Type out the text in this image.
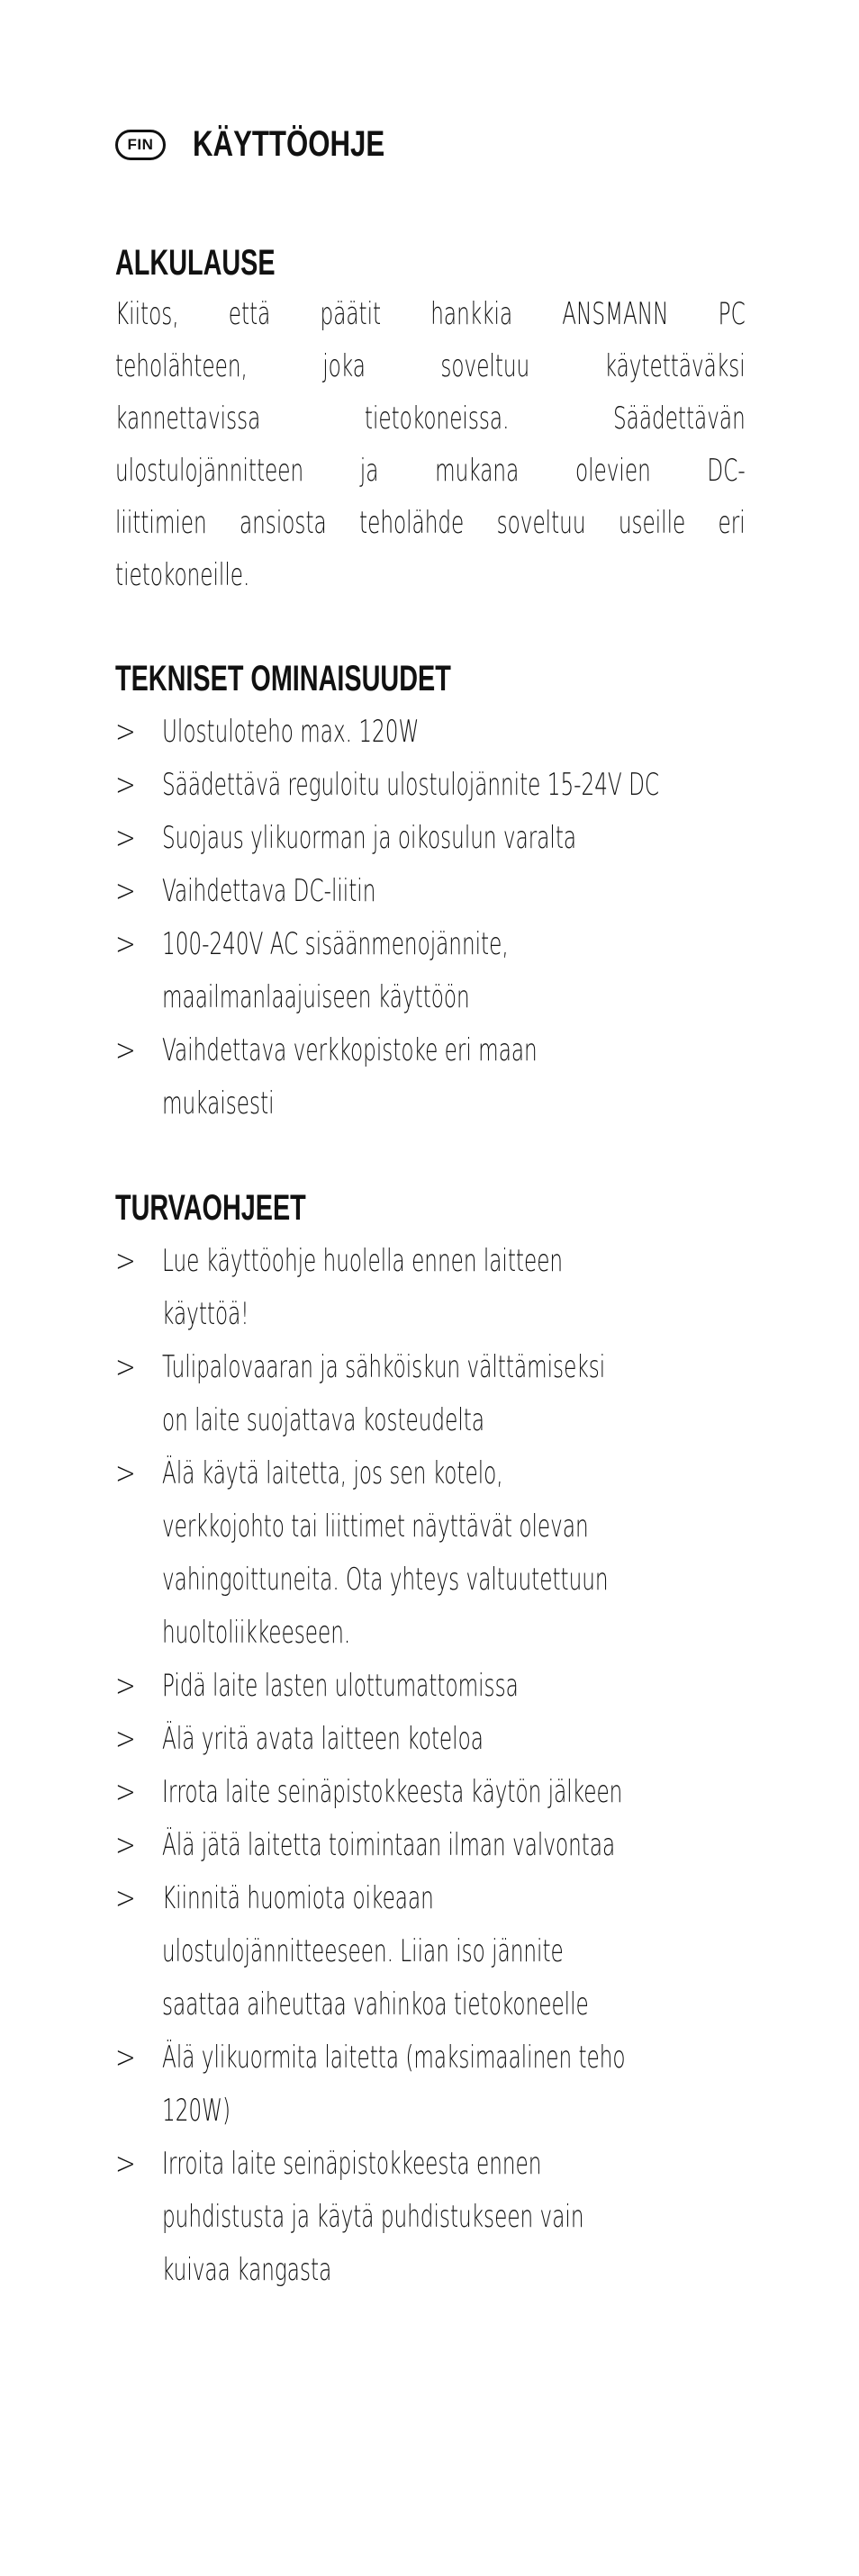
FIN	KÄYTTÖOHJE
ALKULAUSE
Kiitos, että päätit hankkia ANSMANN PC
teholähteen, joka soveltuu käytettäväksi
kannettavissa tietokoneissa. Säädettävän
ulostulojännitteen ja mukana olevien DC-
liittimien ansiosta teholähde soveltuu useille eri
tietokoneille.
TEKNISET OMINAISUUDET
> Ulostuloteho max. 120W
> Säädettävä reguloitu ulostulojännite 15-24V DC
> Suojaus ylikuorman ja oikosulun varalta
> Vaihdettava DC-liitin
> 100-240V AC sisäänmenojännite,
maailmanlaajuiseen käyttöön
> Vaihdettava verkkopistoke eri maan
mukaisesti
TURVAOHJEET
> Lue käyttöohje huolella ennen laitteen
käyttöä!
> Tulipalovaaran ja sähköiskun välttämiseksi
on laite suojattava kosteudelta
> Älä käytä laitetta, jos sen kotelo,
verkkojohto tai liittimet näyttävät olevan
vahingoittuneita. Ota yhteys valtuutettuun
huoltoliikkeeseen.
> Pidä laite lasten ulottumattomissa
> Älä yritä avata laitteen koteloa
> Irrota laite seinäpistokkeesta käytön jälkeen
> Älä jätä laitetta toimintaan ilman valvontaa
> Kiinnitä huomiota oikeaan
ulostulojännitteeseen. Liian iso jännite
saattaa aiheuttaa vahinkoa tietokoneelle
> Älä ylikuormita laitetta (maksimaalinen teho
120W)
> Irroita laite seinäpistokkeesta ennen
puhdistusta ja käytä puhdistukseen vain
kuivaa kangasta
